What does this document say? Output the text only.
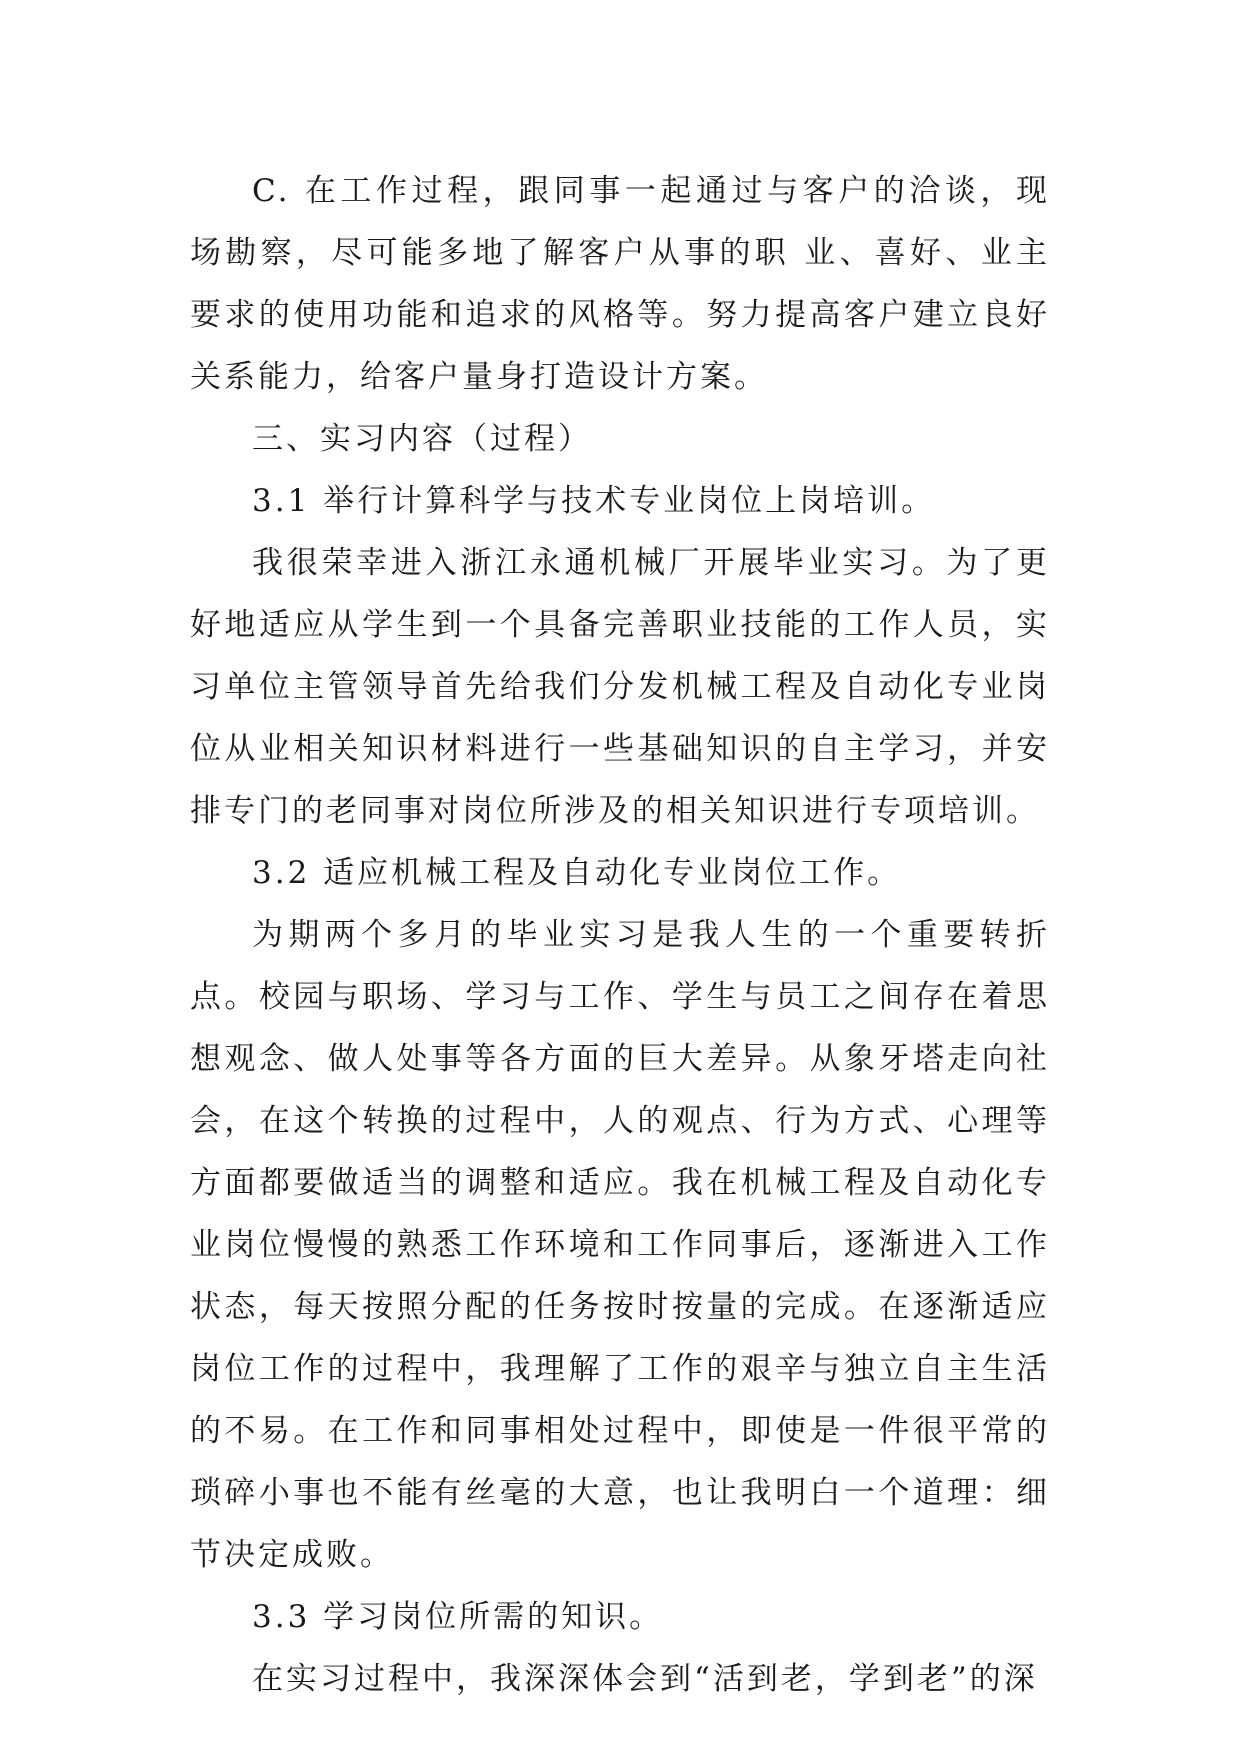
C. 在工作过程，跟同事一起通过与客户的洽谈，现场勘察，尽可能多地了解客户从事的职 业、喜好、业主要求的使用功能和追求的风格等。努力提高客户建立良好关系能力，给客户量身打造设计方案。

三、实习内容（过程）

3.1 举行计算科学与技术专业岗位上岗培训。

我很荣幸进入浙江永通机械厂开展毕业实习。为了更好地适应从学生到一个具备完善职业技能的工作人员，实习单位主管领导首先给我们分发机械工程及自动化专业岗位从业相关知识材料进行一些基础知识的自主学习，并安排专门的老同事对岗位所涉及的相关知识进行专项培训。

3.2 适应机械工程及自动化专业岗位工作。

为期两个多月的毕业实习是我人生的一个重要转折点。校园与职场、学习与工作、学生与员工之间存在着思想观念、做人处事等各方面的巨大差异。从象牙塔走向社会，在这个转换的过程中，人的观点、行为方式、心理等方面都要做适当的调整和适应。我在机械工程及自动化专业岗位慢慢的熟悉工作环境和工作同事后，逐渐进入工作状态，每天按照分配的任务按时按量的完成。在逐渐适应岗位工作的过程中，我理解了工作的艰辛与独立自主生活的不易。在工作和同事相处过程中，即使是一件很平常的琐碎小事也不能有丝毫的大意，也让我明白一个道理：细节决定成败。

3.3 学习岗位所需的知识。

在实习过程中，我深深体会到“活到老，学到老”的深
